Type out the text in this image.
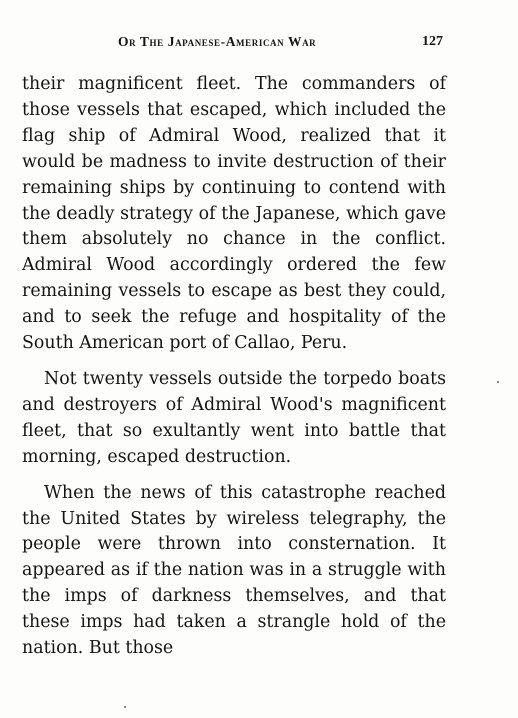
Or The Japanese-American War	127

their magnificent fleet. The commanders of those vessels that escaped, which included the flag ship of Admiral Wood, realized that it would be madness to invite destruction of their remaining ships by continuing to contend with the deadly strategy of the Japanese, which gave them absolutely no chance in the conflict. Admiral Wood accordingly ordered the few remaining vessels to escape as best they could, and to seek the refuge and hospitality of the South American port of Callao, Peru.

Not twenty vessels outside the torpedo boats and destroyers of Admiral Wood's magnificent fleet, that so exultantly went into battle that morning, escaped destruction.

When the news of this catastrophe reached the United States by wireless telegraphy, the people were thrown into consternation. It appeared as if the nation was in a struggle with the imps of darkness themselves, and that these imps had taken a strangle hold of the nation. But those
